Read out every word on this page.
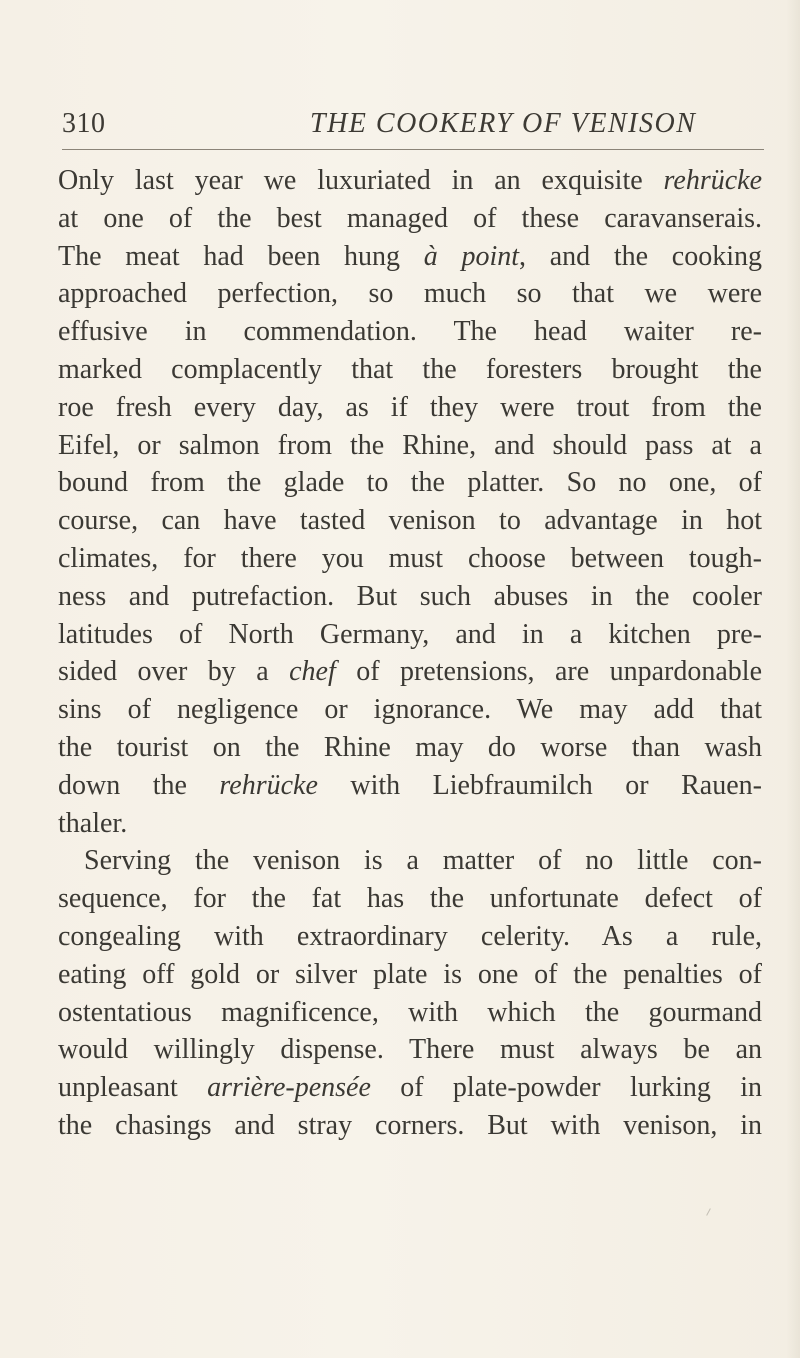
310	THE COOKERY OF VENISON
Only last year we luxuriated in an exquisite rehrücke
at one of the best managed of these caravanserais.
The meat had been hung à point, and the cooking
approached perfection, so much so that we were
effusive in commendation. The head waiter re-
marked complacently that the foresters brought the
roe fresh every day, as if they were trout from the
Eifel, or salmon from the Rhine, and should pass at a
bound from the glade to the platter. So no one, of
course, can have tasted venison to advantage in hot
climates, for there you must choose between tough-
ness and putrefaction. But such abuses in the cooler
latitudes of North Germany, and in a kitchen pre-
sided over by a chef of pretensions, are unpardonable
sins of negligence or ignorance. We may add that
the tourist on the Rhine may do worse than wash
down the rehrücke with Liebfraumilch or Rauen-
thaler.
Serving the venison is a matter of no little con-
sequence, for the fat has the unfortunate defect of
congealing with extraordinary celerity. As a rule,
eating off gold or silver plate is one of the penalties of
ostentatious magnificence, with which the gourmand
would willingly dispense. There must always be an
unpleasant arrière-pensée of plate-powder lurking in
the chasings and stray corners. But with venison, in
